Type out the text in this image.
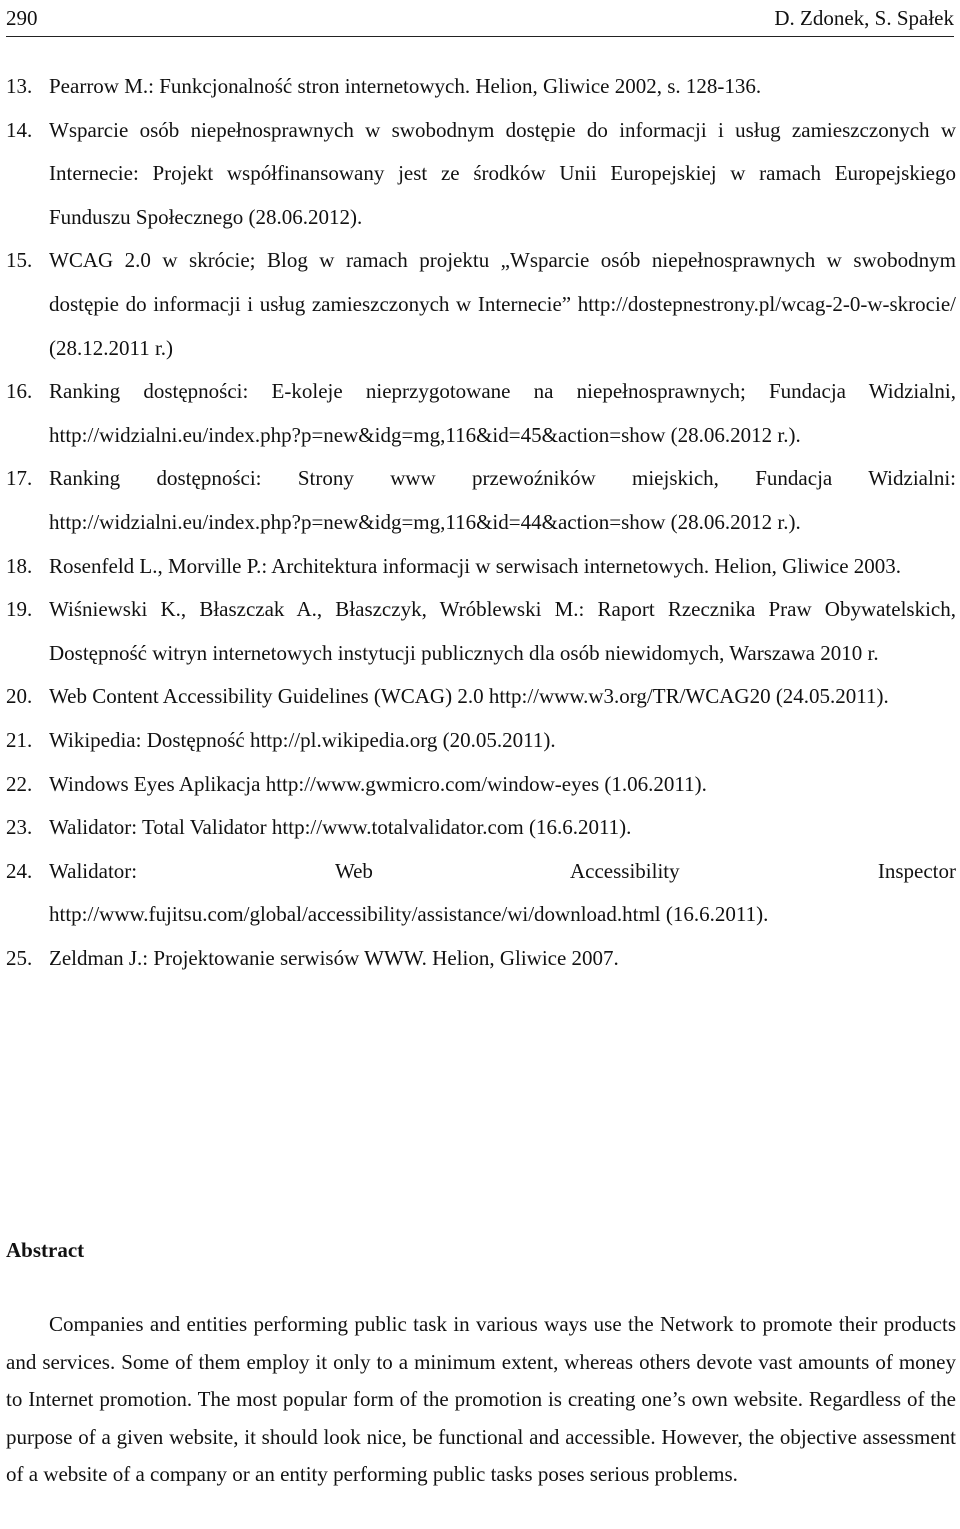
290	D. Zdonek, S. Spałek
13. Pearrow M.: Funkcjonalność stron internetowych. Helion, Gliwice 2002, s. 128-136.
14. Wsparcie osób niepełnosprawnych w swobodnym dostępie do informacji i usług zamieszczonych w Internecie: Projekt współfinansowany jest ze środków Unii Europejskiej w ramach Europejskiego Funduszu Społecznego (28.06.2012).
15. WCAG 2.0 w skrócie; Blog w ramach projektu „Wsparcie osób niepełnosprawnych w swobodnym dostępie do informacji i usług zamieszczonych w Internecie” http://dostepnestrony.pl/wcag-2-0-w-skrocie/ (28.12.2011 r.)
16. Ranking dostępności: E-koleje nieprzygotowane na niepełnosprawnych; Fundacja Widzialni, http://widzialni.eu/index.php?p=new&idg=mg,116&id=45&action=show (28.06.2012 r.).
17. Ranking dostępności: Strony www przewoźników miejskich, Fundacja Widzialni: http://widzialni.eu/index.php?p=new&idg=mg,116&id=44&action=show (28.06.2012 r.).
18. Rosenfeld L., Morville P.: Architektura informacji w serwisach internetowych. Helion, Gliwice 2003.
19. Wiśniewski K., Błaszczak A., Błaszczyk, Wróblewski M.: Raport Rzecznika Praw Obywatelskich, Dostępność witryn internetowych instytucji publicznych dla osób niewidomych, Warszawa 2010 r.
20. Web Content Accessibility Guidelines (WCAG) 2.0 http://www.w3.org/TR/WCAG20 (24.05.2011).
21. Wikipedia: Dostępność http://pl.wikipedia.org (20.05.2011).
22. Windows Eyes Aplikacja http://www.gwmicro.com/window-eyes (1.06.2011).
23. Walidator: Total Validator http://www.totalvalidator.com (16.6.2011).
24. Walidator: Web Accessibility Inspector http://www.fujitsu.com/global/accessibility/assistance/wi/download.html (16.6.2011).
25. Zeldman J.: Projektowanie serwisów WWW. Helion, Gliwice 2007.
Abstract

Companies and entities performing public task in various ways use the Network to promote their products and services. Some of them employ it only to a minimum extent, whereas others devote vast amounts of money to Internet promotion. The most popular form of the promotion is creating one’s own website. Regardless of the purpose of a given website, it should look nice, be functional and accessible. However, the objective assessment of a website of a company or an entity performing public tasks poses serious problems.
